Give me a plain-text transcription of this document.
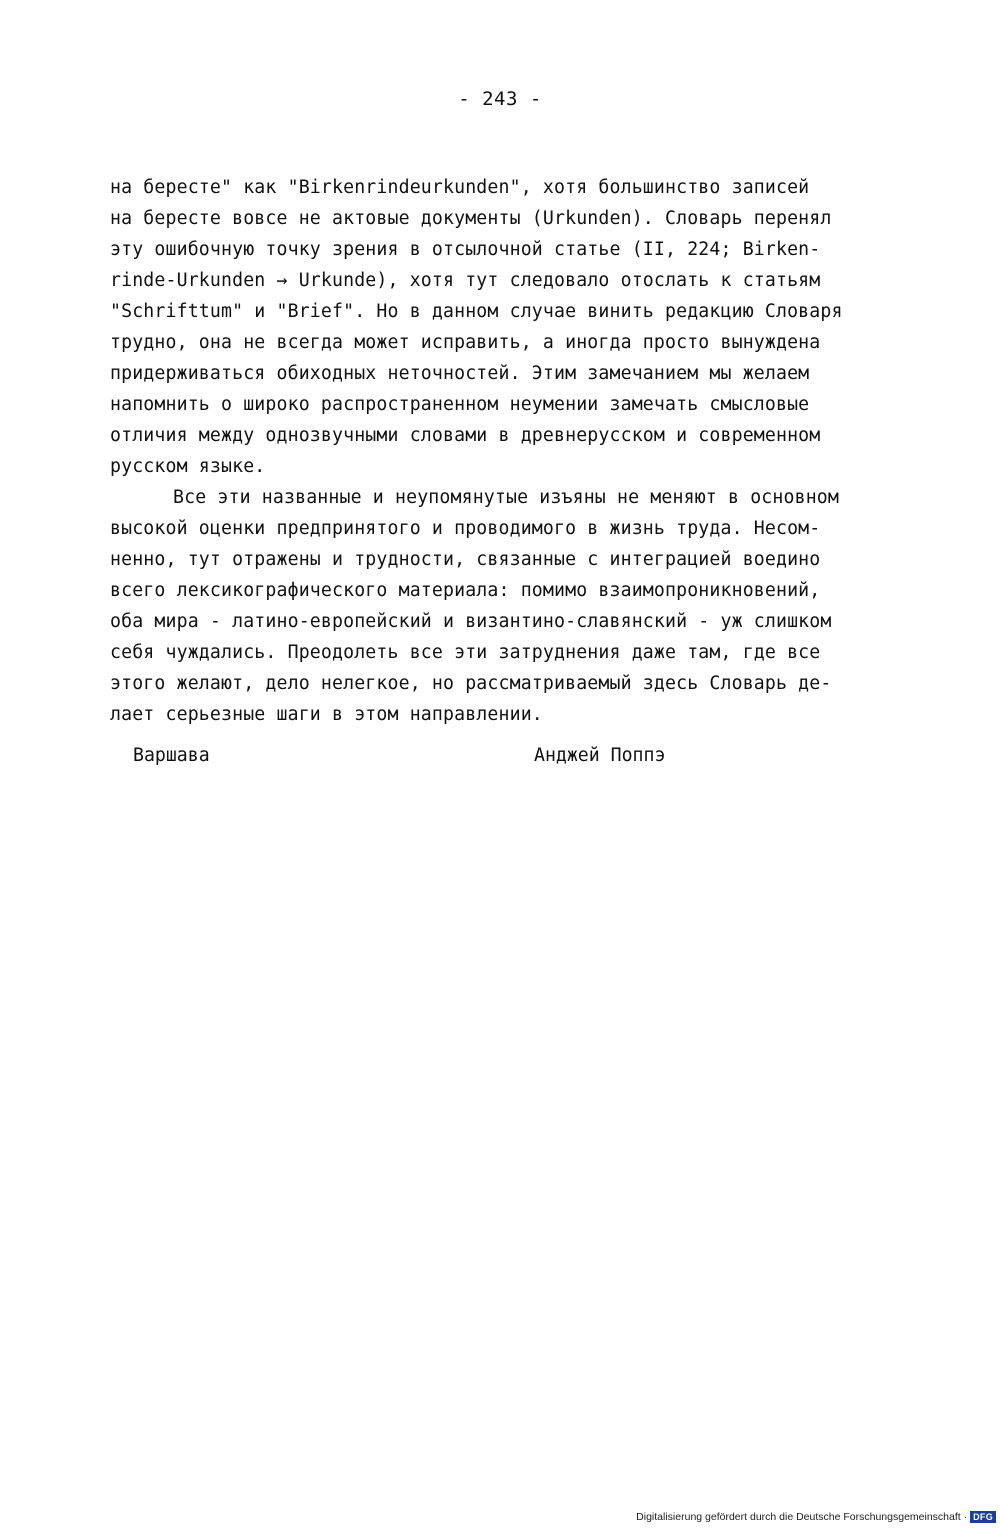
- 243 -
на бересте" как "Birkenrindeurkunden", хотя большинство записей
на бересте вовсе не актовые документы (Urkunden). Словарь перенял
эту ошибочную точку зрения в отсылочной статье (II, 224; Birken-
rinde-Urkunden → Urkunde), хотя тут следовало отослать к статьям
"Schrifttum" и "Brief". Но в данном случае винить редакцию Словаря
трудно, она не всегда может исправить, а иногда просто вынуждена
придерживаться обиходных неточностей. Этим замечанием мы желаем
напомнить о широко распространенном неумении замечать смысловые
отличия между однозвучными словами в древнерусском и современном
русском языке.
Все эти названные и неупомянутые изъяны не меняют в основном
высокой оценки предпринятого и проводимого в жизнь труда. Несом-
ненно, тут отражены и трудности, связанные с интеграцией воедино
всего лексикографического материала: помимо взаимопроникновений,
оба мира - латино-европейский и византино-славянский - уж слишком
себя чуждались. Преодолеть все эти затруднения даже там, где все
этого желают, дело нелегкое, но рассматриваемый здесь Словарь де-
лает серьезные шаги в этом направлении.
Варшава	Анджей Поппэ
Digitalisierung gefördert durch die Deutsche Forschungsgemeinschaft · DFG
